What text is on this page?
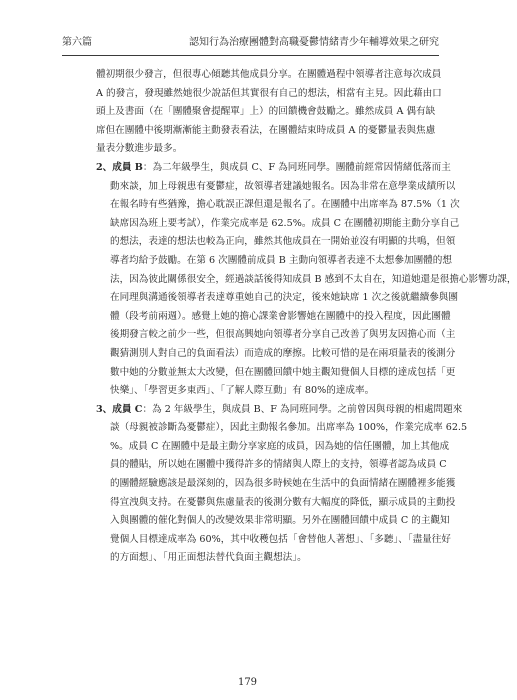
第六篇	認知行為治療團體對高職憂鬱情緒青少年輔導效果之研究
體初期很少發言，但很專心傾聽其他成員分享。在團體過程中領導者注意每次成員
A 的發言，發現雖然她很少說話但其實很有自己的想法，相當有主見。因此藉由口
頭上及書面（在「團體聚會提醒單」上）的回饋機會鼓勵之。雖然成員 A 偶有缺
席但在團體中後期漸漸能主動發表看法，在團體結束時成員 A 的憂鬱量表與焦慮
量表分數進步最多。
2、成員 B：為二年級學生，與成員 C、F 為同班同學。團體前經常因情緒低落而主
動來談，加上母親患有憂鬱症，故領導者建議她報名。因為非常在意學業成績所以
在報名時有些猶豫，擔心耽誤正課但還是報名了。在團體中出席率為 87.5%（1 次
缺席因為班上要考試），作業完成率是 62.5%。成員 C 在團體初期能主動分享自己
的想法，表達的想法也較為正向，雖然其他成員在一開始並沒有明顯的共鳴，但領
導者均給予鼓勵。在第 6 次團體前成員 B 主動向領導者表達不太想參加團體的想
法，因為彼此關係很安全，經過談話後得知成員 B 感到不太自在，知道她還是很擔心影響功課，
在同理與溝通後領導者表達尊重她自己的決定，後來她缺席 1 次之後就繼續參與團
體（段考前兩週）。感覺上她的擔心課業會影響她在團體中的投入程度，因此團體
後期發言較之前少一些，但很高興她向領導者分享自己改善了與男友因擔心而（主
觀猜測別人對自己的負面看法）而造成的摩擦。比較可惜的是在兩項量表的後測分
數中她的分數並無太大改變，但在團體回饋中她主觀知覺個人目標的達成包括「更
快樂」、「學習更多東西」、「了解人際互動」有 80%的達成率。
3、成員 C：為 2 年級學生，與成員 B、F 為同班同學。之前曾因與母親的相處問題來
談（母親被診斷為憂鬱症），因此主動報名參加。出席率為 100%，作業完成率 62.5
%。成員 C 在團體中是最主動分享家庭的成員，因為她的信任團體，加上其他成
員的體貼，所以她在團體中獲得許多的情緒與人際上的支持，領導者認為成員 C
的團體經驗應該是最深刻的，因為很多時候她在生活中的負面情緒在團體裡多能獲
得宣洩與支持。在憂鬱與焦慮量表的後測分數有大幅度的降低，顯示成員的主動投
入與團體的催化對個人的改變效果非常明顯。另外在團體回饋中成員 C 的主觀知
覺個人目標達成率為 60%，其中收穫包括「會替他人著想」、「多聽」、「盡量往好
的方面想」、「用正面想法替代負面主觀想法」。
179
